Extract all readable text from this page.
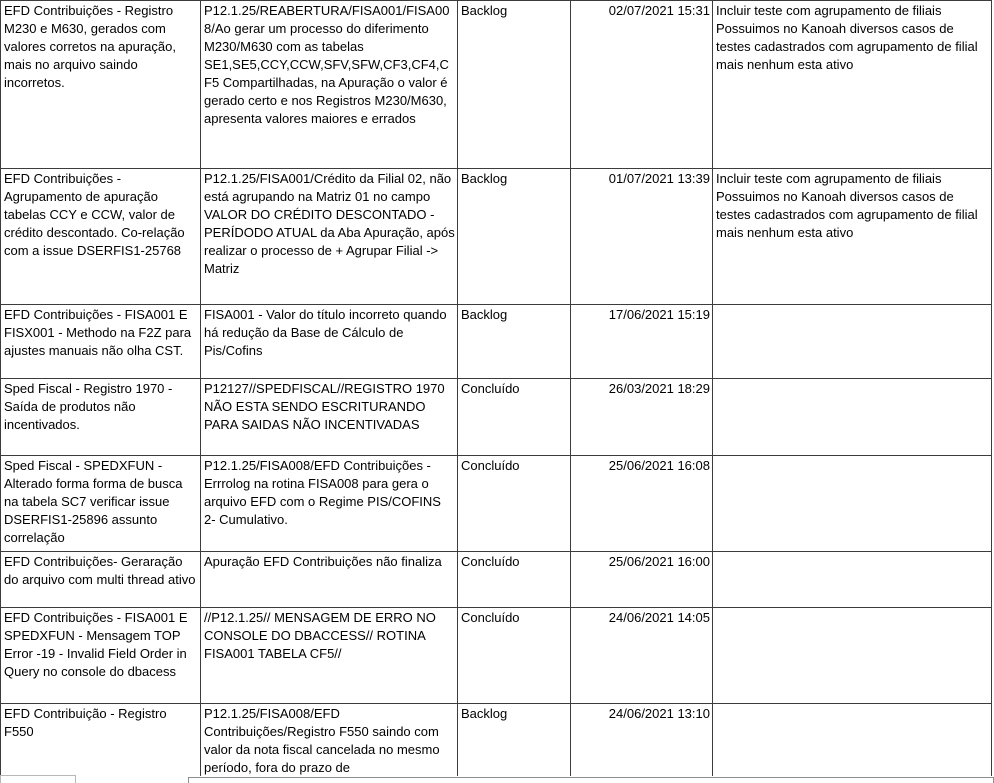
EFD Contribuições - Registro M230 e M630, gerados com valores corretos na apuração, mais no arquivo saindo incorretos.	P12.1.25/REABERTURA/FISA001/FISA008/Ao gerar um processo do diferimento M230/M630 com as tabelas SE1,SE5,CCY,CCW,SFV,SFW,CF3,CF4,CF5 Compartilhadas, na Apuração o valor é gerado certo e nos Registros M230/M630, apresenta valores maiores e errados	Backlog	02/07/2021 15:31	Incluir teste com agrupamento de filiais Possuimos no Kanoah diversos casos de testes cadastrados com agrupamento de filial mais nenhum esta ativo
EFD Contribuições - Agrupamento de apuração tabelas CCY e CCW, valor de crédito descontado. Co-relação com a issue DSERFIS1-25768	P12.1.25/FISA001/Crédito da Filial 02, não está agrupando na Matriz 01 no campo VALOR DO CRÉDITO DESCONTADO - PERÍDODO ATUAL da Aba Apuração, após realizar o processo de + Agrupar Filial -> Matriz	Backlog	01/07/2021 13:39	Incluir teste com agrupamento de filiais Possuimos no Kanoah diversos casos de testes cadastrados com agrupamento de filial mais nenhum esta ativo
EFD Contribuições - FISA001 E FISX001 - Methodo na F2Z para ajustes manuais não olha CST.	FISA001 - Valor do título incorreto quando há redução da Base de Cálculo de Pis/Cofins	Backlog	17/06/2021 15:19	
Sped Fiscal - Registro 1970 - Saída de produtos não incentivados.	P12127//SPEDFISCAL//REGISTRO 1970 NÃO ESTA SENDO ESCRITURANDO PARA SAIDAS NÃO INCENTIVADAS	Concluído	26/03/2021 18:29	
Sped Fiscal - SPEDXFUN - Alterado forma forma de busca na tabela SC7 verificar issue DSERFIS1-25896 assunto correlação	P12.1.25/FISA008/EFD Contribuições - Errrolog na rotina FISA008 para gera o arquivo EFD com o Regime PIS/COFINS 2- Cumulativo.	Concluído	25/06/2021 16:08	
EFD Contribuições- Geraração do arquivo com multi thread ativo	Apuração EFD Contribuições não finaliza	Concluído	25/06/2021 16:00	
EFD Contribuições - FISA001 E SPEDXFUN - Mensagem TOP Error -19 - Invalid Field Order in Query no console do dbacess	//P12.1.25// MENSAGEM DE ERRO NO CONSOLE DO DBACCESS// ROTINA FISA001 TABELA CF5//	Concluído	24/06/2021 14:05	
EFD Contribuição - Registro F550	P12.1.25/FISA008/EFD Contribuições/Registro F550 saindo com valor da nota fiscal cancelada no mesmo período, fora do prazo de	Backlog	24/06/2021 13:10	
